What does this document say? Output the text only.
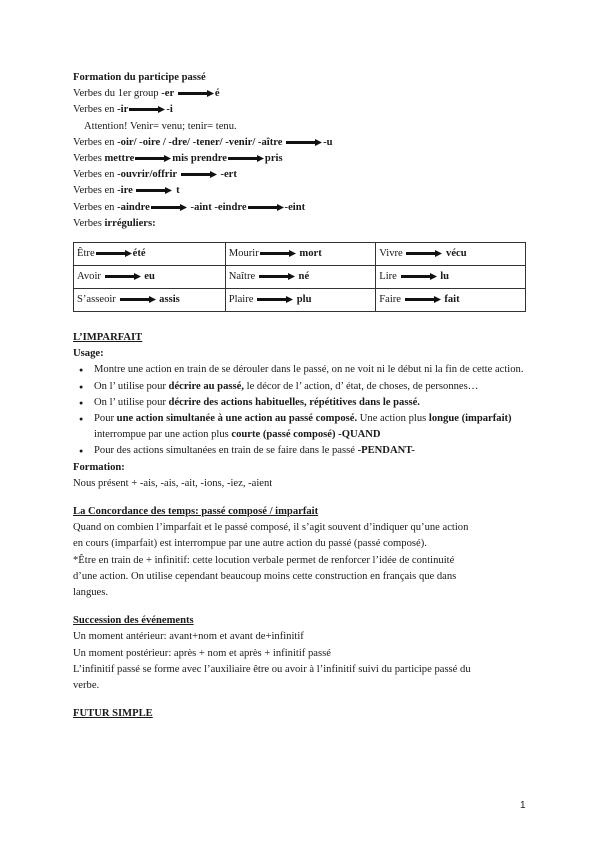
Formation du participe passé
Verbes du 1er group -er	é
Verbes en -ir	-i
Attention! Venir= venu; tenir= tenu.
Verbes en -oir/ -oire / -dre/ -tener/ -venir/ -aître	-u
Verbes mettre	mis prendre	pris
Verbes en -ouvrir/offrir	-ert
Verbes en -ire	t
Verbes en -aindre	-aint -eindre	-eint
Verbes irréguliers:
Être été	Mourir mort	Vivre vécu
Avoir eu	Naître né	Lire lu
S’asseoir assis	Plaire plu	Faire fait
L’IMPARFAIT
Usage:
● Montre une action en train de se dérouler dans le passé, on ne voit ni le début ni la fin de cette action.
● On l’ utilise pour décrire au passé, le décor de l’ action, d’ état, de choses, de personnes…
● On l’ utilise pour décrire des actions habituelles, répétitives dans le passé.
● Pour une action simultanée à une action au passé composé. Une action plus longue (imparfait) interrompue par une action plus courte (passé composé) -QUAND
● Pour des actions simultanées en train de se faire dans le passé -PENDANT-
Formation:
Nous présent + -ais, -ais, -ait, -ions, -iez, -aient
La Concordance des temps: passé composé / imparfait
Quand on combien l’imparfait et le passé composé, il s’agit souvent d’indiquer qu’une action
en cours (imparfait) est interrompue par une autre action du passé (passé composé).
*Être en train de + infinitif: cette locution verbale permet de renforcer l’idée de continuité
d’une action. On utilise cependant beaucoup moins cette construction en français que dans
langues.
Succession des événements
Un moment antérieur: avant+nom et avant de+infinitif
Un moment postérieur: après + nom et après + infinitif passé
L’infinitif passé se forme avec l’auxiliaire être ou avoir à l’infinitif suivi du participe passé du
verbe.
FUTUR SIMPLE
1
